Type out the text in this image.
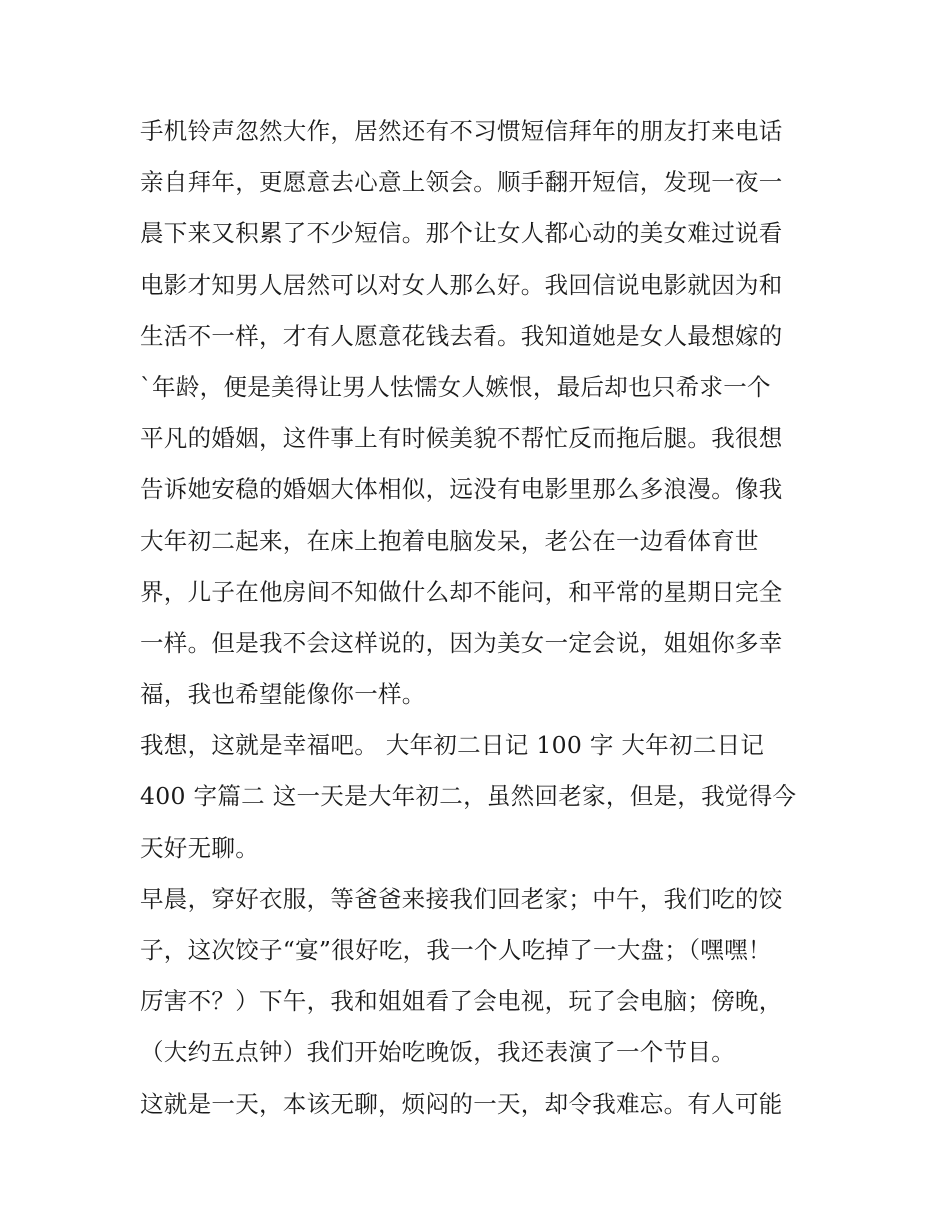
手机铃声忽然大作，居然还有不习惯短信拜年的朋友打来电话
亲自拜年，更愿意去心意上领会。顺手翻开短信，发现一夜一
晨下来又积累了不少短信。那个让女人都心动的美女难过说看
电影才知男人居然可以对女人那么好。我回信说电影就因为和
生活不一样，才有人愿意花钱去看。我知道她是女人最想嫁的
`年龄，便是美得让男人怯懦女人嫉恨，最后却也只希求一个
平凡的婚姻，这件事上有时候美貌不帮忙反而拖后腿。我很想
告诉她安稳的婚姻大体相似，远没有电影里那么多浪漫。像我
大年初二起来，在床上抱着电脑发呆，老公在一边看体育世
界，儿子在他房间不知做什么却不能问，和平常的星期日完全
一样。但是我不会这样说的，因为美女一定会说，姐姐你多幸
福，我也希望能像你一样。
我想，这就是幸福吧。 大年初二日记 100 字 大年初二日记
400 字篇二 这一天是大年初二，虽然回老家，但是，我觉得今
天好无聊。
早晨，穿好衣服，等爸爸来接我们回老家；中午，我们吃的饺
子，这次饺子“宴”很好吃，我一个人吃掉了一大盘；（嘿嘿！
厉害不？）下午，我和姐姐看了会电视，玩了会电脑；傍晚，
（大约五点钟）我们开始吃晚饭，我还表演了一个节目。
这就是一天，本该无聊，烦闷的一天，却令我难忘。有人可能
